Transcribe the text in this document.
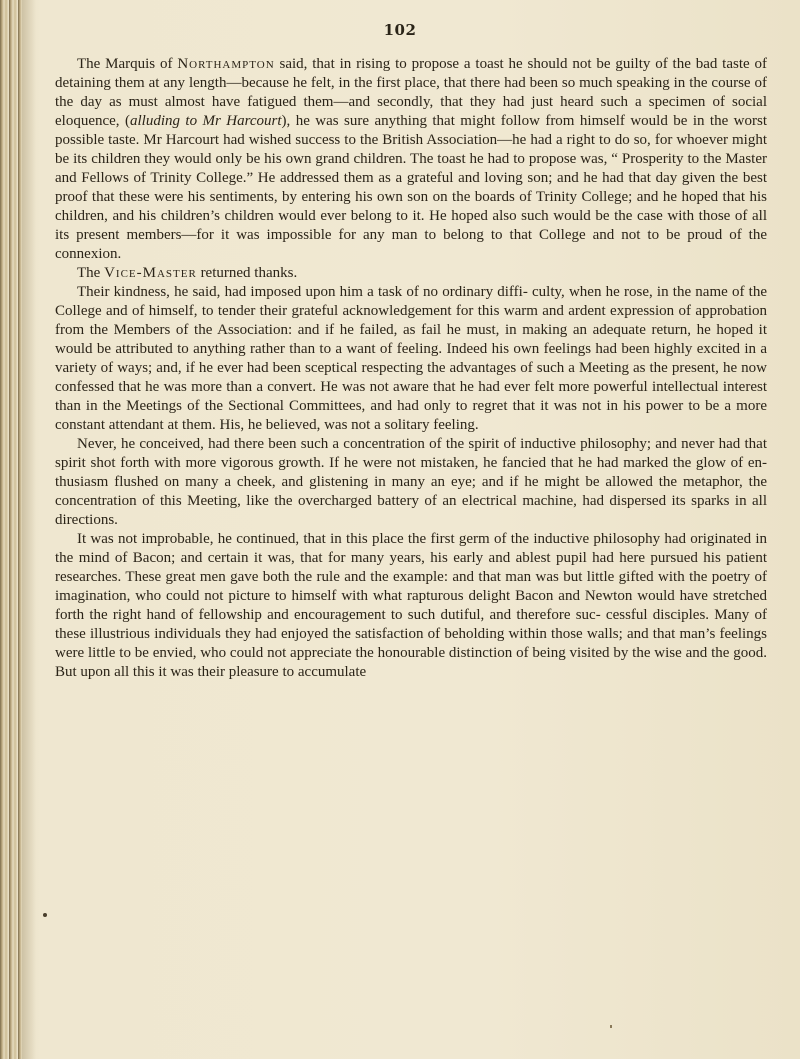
102

The Marquis of Northampton said, that in rising to propose a toast he should not be guilty of the bad taste of detaining them at any length—because he felt, in the first place, that there had been so much speaking in the course of the day as must almost have fatigued them—and secondly, that they had just heard such a specimen of social eloquence, (alluding to Mr Harcourt), he was sure anything that might follow from himself would be in the worst possible taste. Mr Harcourt had wished success to the British Association—he had a right to do so, for whoever might be its children they would only be his own grand children. The toast he had to propose was, “ Prosperity to the Master and Fellows of Trinity College.” He addressed them as a grateful and loving son; and he had that day given the best proof that these were his sentiments, by entering his own son on the boards of Trinity College; and he hoped that his children, and his children’s children would ever belong to it. He hoped also such would be the case with those of all its present members—for it was impossible for any man to belong to that College and not to be proud of the connexion.

The Vice-Master returned thanks.

Their kindness, he said, had imposed upon him a task of no ordinary diffi- culty, when he rose, in the name of the College and of himself, to tender their grateful acknowledgement for this warm and ardent expression of approbation from the Members of the Association: and if he failed, as fail he must, in making an adequate return, he hoped it would be attributed to anything rather than to a want of feeling. Indeed his own feelings had been highly excited in a variety of ways; and, if he ever had been sceptical respecting the advantages of such a Meeting as the present, he now confessed that he was more than a convert. He was not aware that he had ever felt more powerful intellectual interest than in the Meetings of the Sectional Committees, and had only to regret that it was not in his power to be a more constant attendant at them. His, he believed, was not a solitary feeling.

Never, he conceived, had there been such a concentration of the spirit of inductive philosophy; and never had that spirit shot forth with more vigorous growth. If he were not mistaken, he fancied that he had marked the glow of en- thusiasm flushed on many a cheek, and glistening in many an eye; and if he might be allowed the metaphor, the concentration of this Meeting, like the overcharged battery of an electrical machine, had dispersed its sparks in all directions.

It was not improbable, he continued, that in this place the first germ of the inductive philosophy had originated in the mind of Bacon; and certain it was, that for many years, his early and ablest pupil had here pursued his patient researches. These great men gave both the rule and the example: and that man was but little gifted with the poetry of imagination, who could not picture to himself with what rapturous delight Bacon and Newton would have stretched forth the right hand of fellowship and encouragement to such dutiful, and therefore suc- cessful disciples. Many of these illustrious individuals they had enjoyed the satisfaction of beholding within those walls; and that man’s feelings were little to be envied, who could not appreciate the honourable distinction of being visited by the wise and the good. But upon all this it was their pleasure to accumulate
